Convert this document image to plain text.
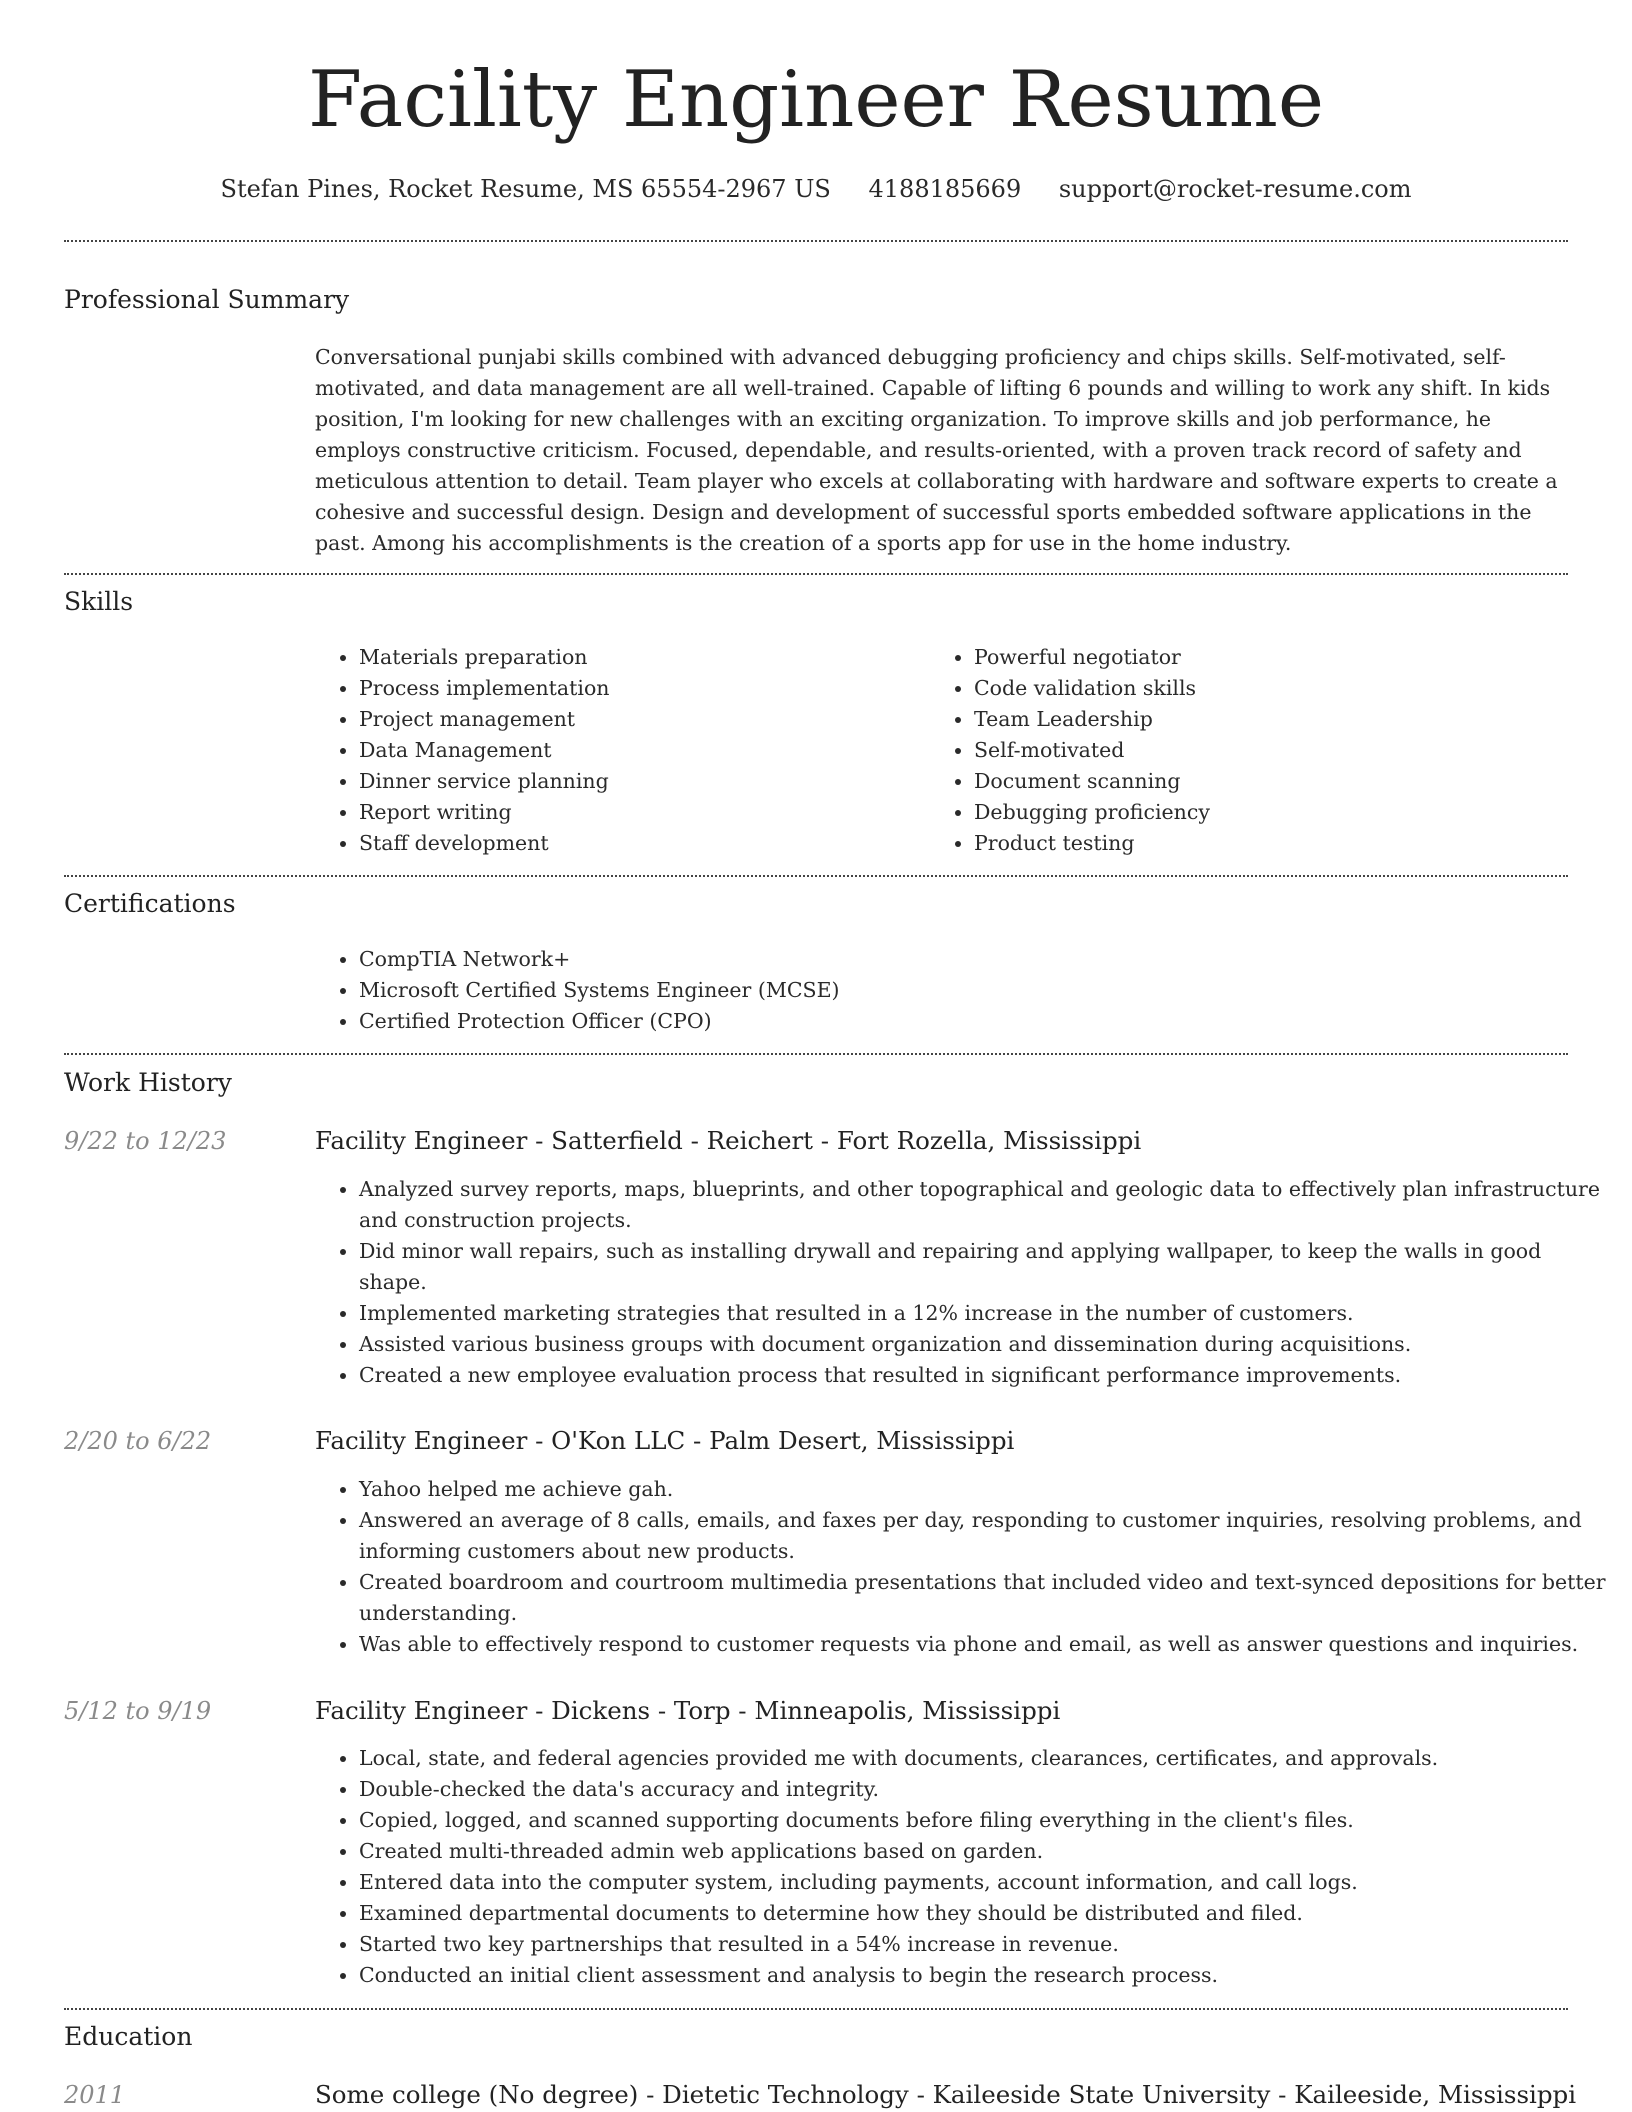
Facility Engineer Resume
Stefan Pines, Rocket Resume, MS 65554-2967 US 4188185669 support@rocket-resume.com
Professional Summary

Conversational punjabi skills combined with advanced debugging proficiency and chips skills. Self-motivated, self-motivated, and data management are all well-trained. Capable of lifting 6 pounds and willing to work any shift. In kids position, I'm looking for new challenges with an exciting organization. To improve skills and job performance, he employs constructive criticism. Focused, dependable, and results-oriented, with a proven track record of safety and meticulous attention to detail. Team player who excels at collaborating with hardware and software experts to create a cohesive and successful design. Design and development of successful sports embedded software applications in the past. Among his accomplishments is the creation of a sports app for use in the home industry.

Skills
• Materials preparation
• Process implementation
• Project management
• Data Management
• Dinner service planning
• Report writing
• Staff development
• Powerful negotiator
• Code validation skills
• Team Leadership
• Self-motivated
• Document scanning
• Debugging proficiency
• Product testing
Certifications
• CompTIA Network+
• Microsoft Certified Systems Engineer (MCSE)
• Certified Protection Officer (CPO)
Work History
9/22 to 12/23	Facility Engineer - Satterfield - Reichert - Fort Rozella, Mississippi
• Analyzed survey reports, maps, blueprints, and other topographical and geologic data to effectively plan infrastructure and construction projects.
• Did minor wall repairs, such as installing drywall and repairing and applying wallpaper, to keep the walls in good shape.
• Implemented marketing strategies that resulted in a 12% increase in the number of customers.
• Assisted various business groups with document organization and dissemination during acquisitions.
• Created a new employee evaluation process that resulted in significant performance improvements.
2/20 to 6/22	Facility Engineer - O'Kon LLC - Palm Desert, Mississippi
• Yahoo helped me achieve gah.
• Answered an average of 8 calls, emails, and faxes per day, responding to customer inquiries, resolving problems, and informing customers about new products.
• Created boardroom and courtroom multimedia presentations that included video and text-synced depositions for better understanding.
• Was able to effectively respond to customer requests via phone and email, as well as answer questions and inquiries.
5/12 to 9/19	Facility Engineer - Dickens - Torp - Minneapolis, Mississippi
• Local, state, and federal agencies provided me with documents, clearances, certificates, and approvals.
• Double-checked the data's accuracy and integrity.
• Copied, logged, and scanned supporting documents before filing everything in the client's files.
• Created multi-threaded admin web applications based on garden.
• Entered data into the computer system, including payments, account information, and call logs.
• Examined departmental documents to determine how they should be distributed and filed.
• Started two key partnerships that resulted in a 54% increase in revenue.
• Conducted an initial client assessment and analysis to begin the research process.
Education
2011	Some college (No degree) - Dietetic Technology - Kaileeside State University - Kaileeside, Mississippi
